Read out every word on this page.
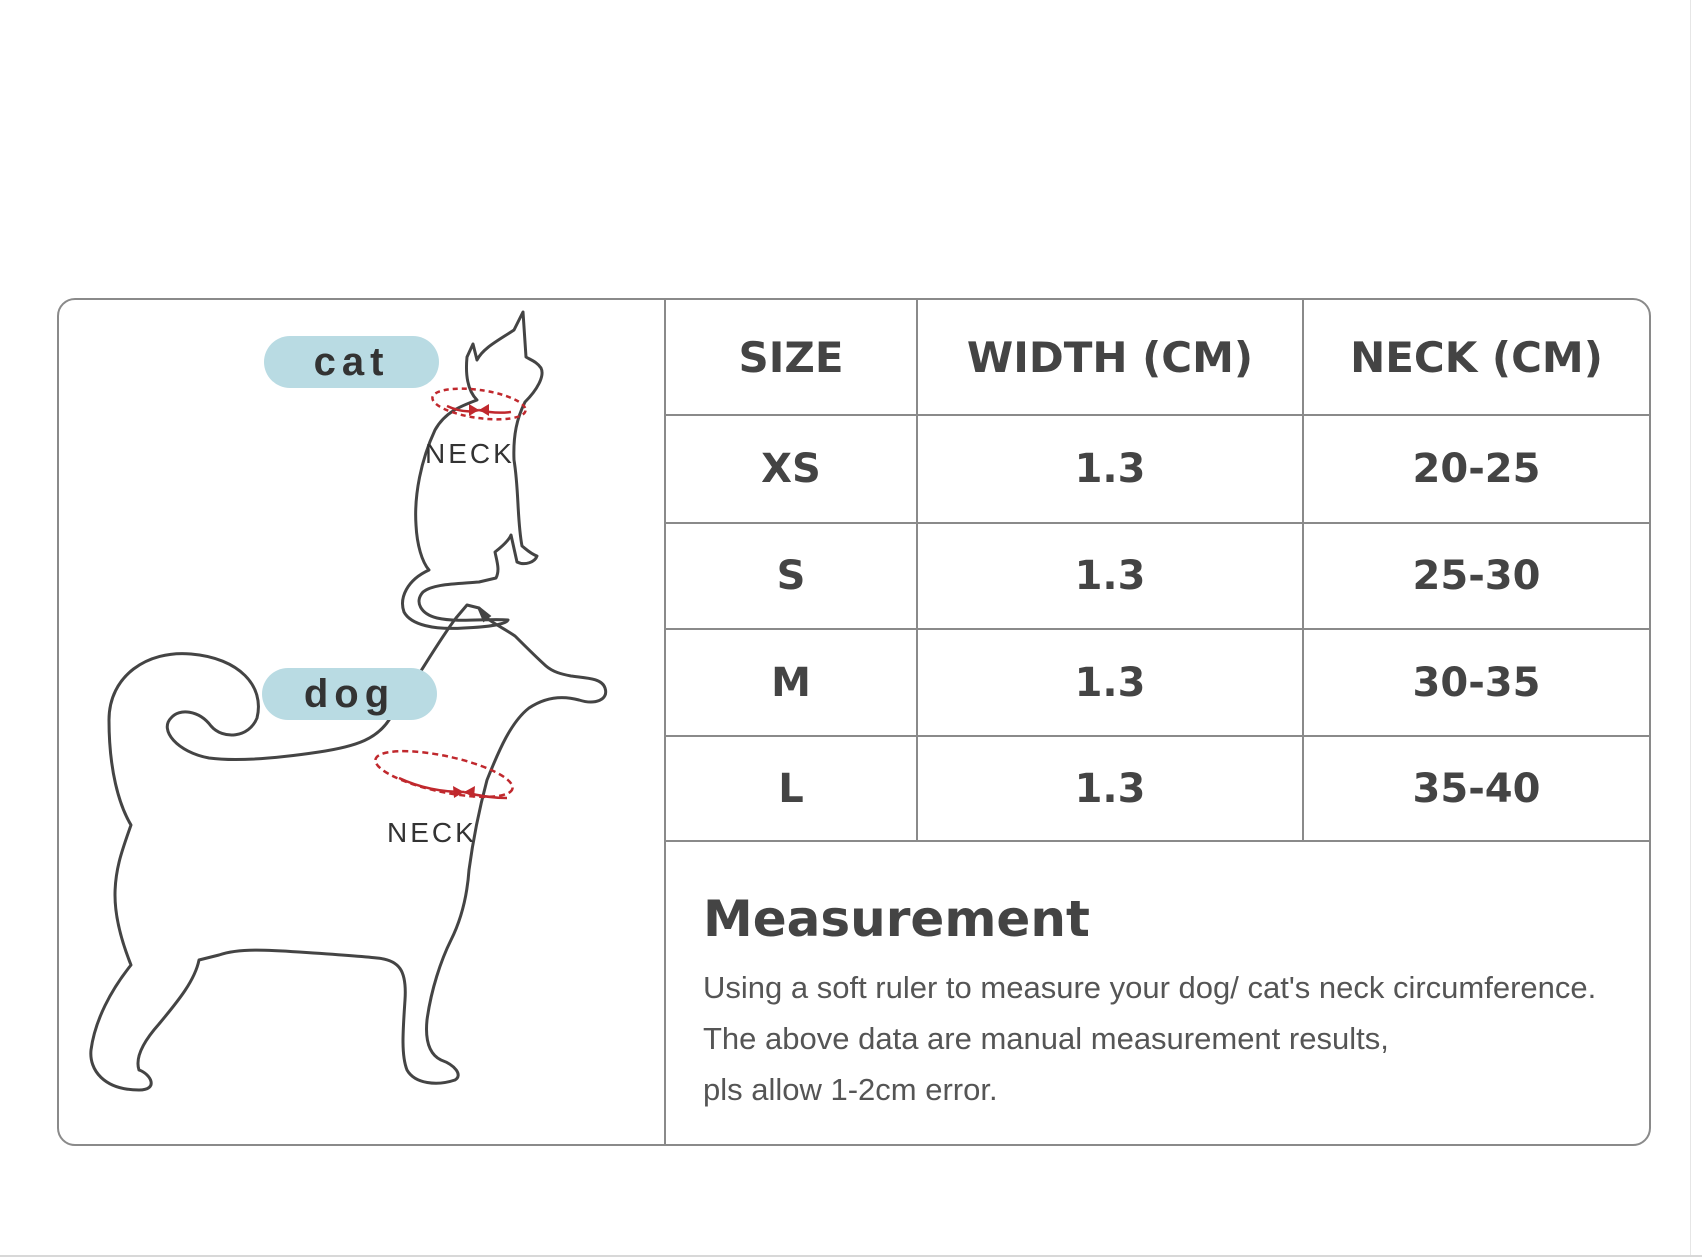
cat
dog
NECK
NECK
SIZE	WIDTH (CM)	NECK (CM)
XS	1.3	20-25
S	1.3	25-30
M	1.3	30-35
L	1.3	35-40
Measurement

Using a soft ruler to measure your dog/ cat's neck circumference.

The above data are manual measurement results,

pls allow 1-2cm error.
